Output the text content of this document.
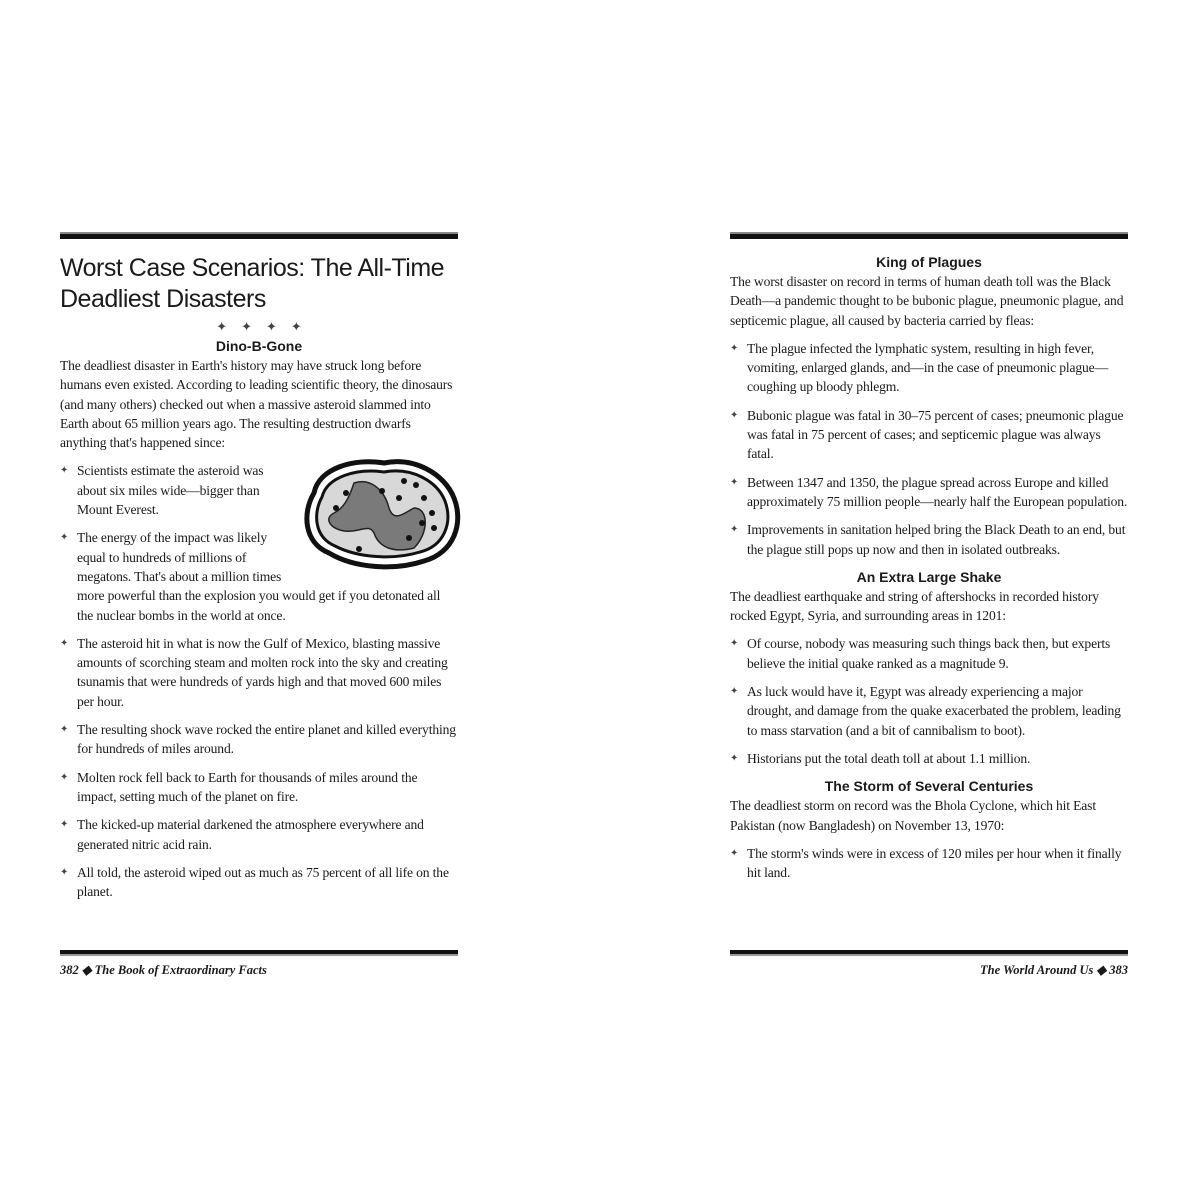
Worst Case Scenarios: The All-Time Deadliest Disasters
✦✦✦✦
Dino-B-Gone

The deadliest disaster in Earth's history may have struck long before humans even existed. According to leading scientific theory, the dinosaurs (and many others) checked out when a massive asteroid slammed into Earth about 65 million years ago. The resulting destruction dwarfs anything that's happened since:

✦ Scientists estimate the asteroid was about six miles wide—bigger than Mount Everest.
✦ The energy of the impact was likely equal to hundreds of millions of megatons. That's about a million times more powerful than the explosion you would get if you detonated all the nuclear bombs in the world at once.
✦ The asteroid hit in what is now the Gulf of Mexico, blasting massive amounts of scorching steam and molten rock into the sky and creating tsunamis that were hundreds of yards high and that moved 600 miles per hour.
✦ The resulting shock wave rocked the entire planet and killed everything for hundreds of miles around.
✦ Molten rock fell back to Earth for thousands of miles around the impact, setting much of the planet on fire.
✦ The kicked-up material darkened the atmosphere everywhere and generated nitric acid rain.
✦ All told, the asteroid wiped out as much as 75 percent of all life on the planet.
382 ◆ The Book of Extraordinary Facts
King of Plagues

The worst disaster on record in terms of human death toll was the Black Death—a pandemic thought to be bubonic plague, pneumonic plague, and septicemic plague, all caused by bacteria carried by fleas:

✦ The plague infected the lymphatic system, resulting in high fever, vomiting, enlarged glands, and—in the case of pneumonic plague—coughing up bloody phlegm.
✦ Bubonic plague was fatal in 30–75 percent of cases; pneumonic plague was fatal in 75 percent of cases; and septicemic plague was always fatal.
✦ Between 1347 and 1350, the plague spread across Europe and killed approximately 75 million people—nearly half the European population.
✦ Improvements in sanitation helped bring the Black Death to an end, but the plague still pops up now and then in isolated outbreaks.
An Extra Large Shake

The deadliest earthquake and string of aftershocks in recorded history rocked Egypt, Syria, and surrounding areas in 1201:

✦ Of course, nobody was measuring such things back then, but experts believe the initial quake ranked as a magnitude 9.
✦ As luck would have it, Egypt was already experiencing a major drought, and damage from the quake exacerbated the problem, leading to mass starvation (and a bit of cannibalism to boot).
✦ Historians put the total death toll at about 1.1 million.
The Storm of Several Centuries

The deadliest storm on record was the Bhola Cyclone, which hit East Pakistan (now Bangladesh) on November 13, 1970:

✦ The storm's winds were in excess of 120 miles per hour when it finally hit land.
The World Around Us ◆ 383
